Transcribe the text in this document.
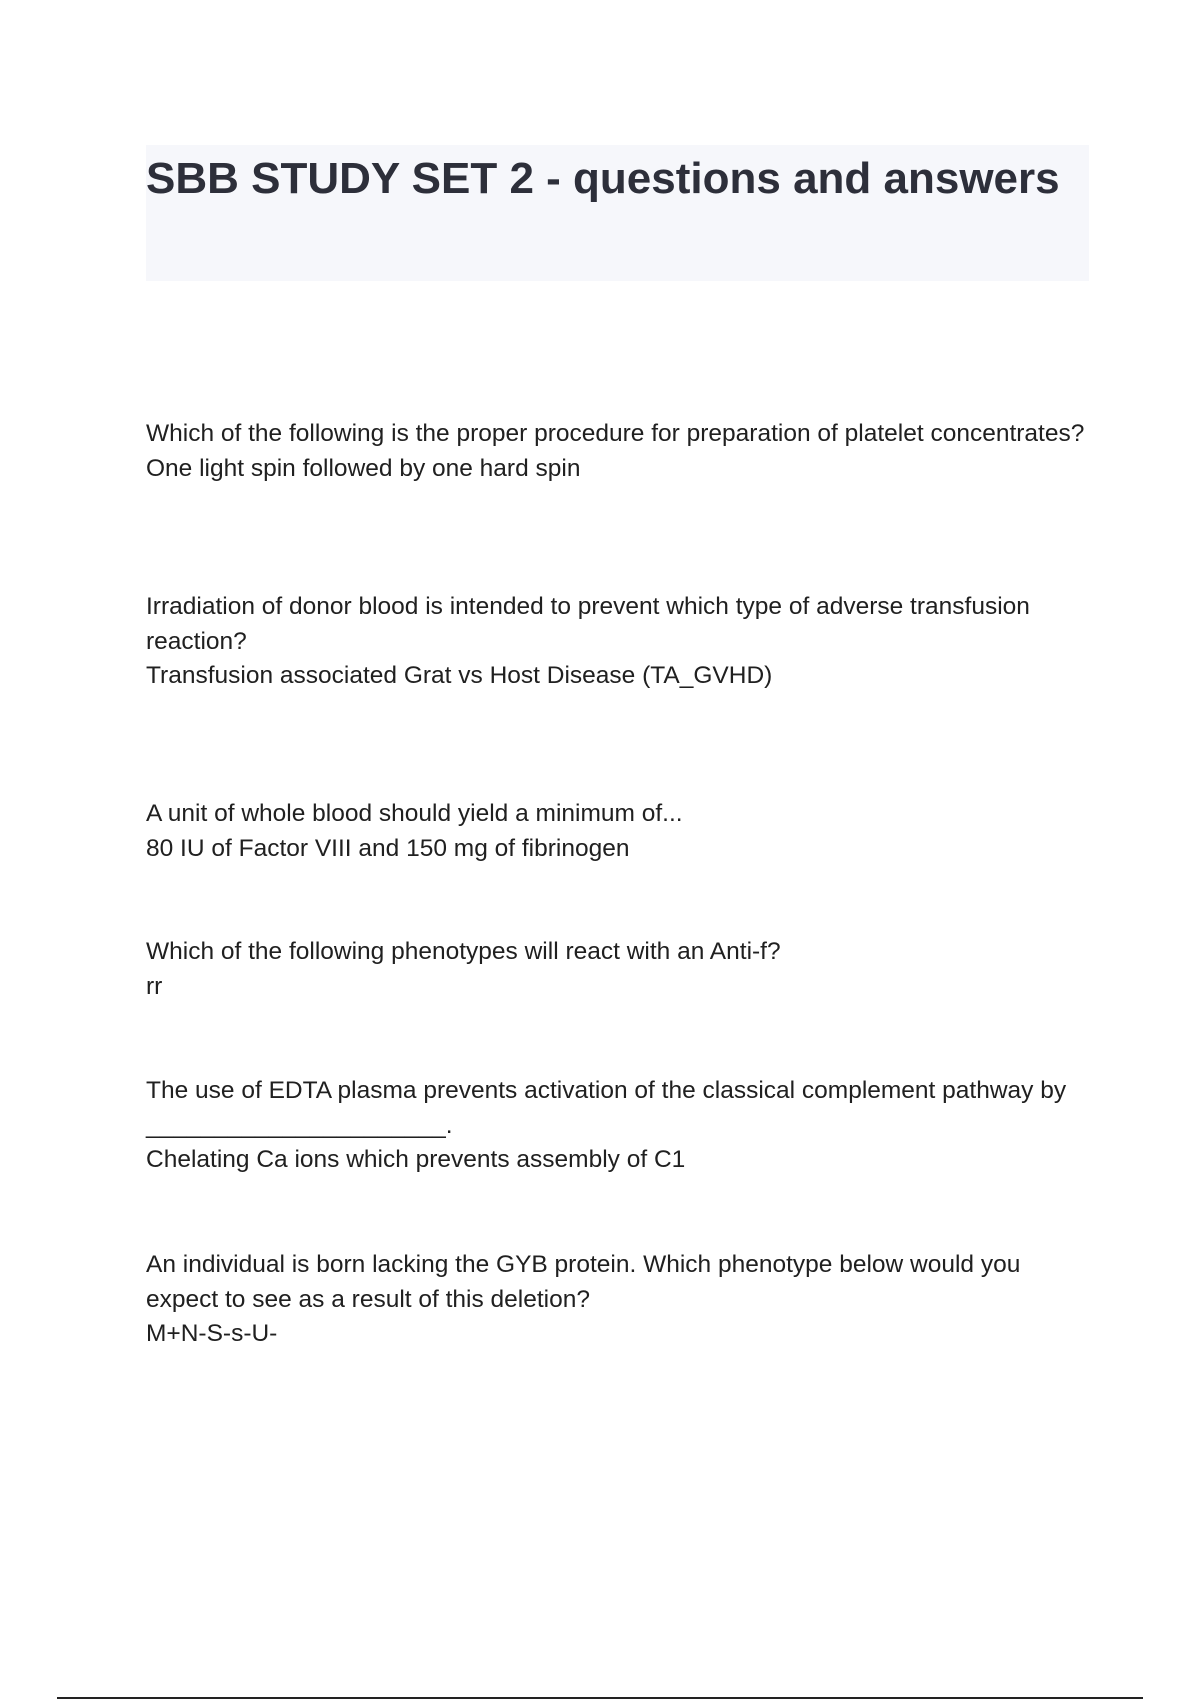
SBB STUDY SET 2 - questions and answers

Which of the following is the proper procedure for preparation of platelet concentrates?

One light spin followed by one hard spin

Irradiation of donor blood is intended to prevent which type of adverse transfusion reaction?

Transfusion associated Grat vs Host Disease (TA_GVHD)

A unit of whole blood should yield a minimum of...

80 IU of Factor VIII and 150 mg of fibrinogen

Which of the following phenotypes will react with an Anti-f?

rr

The use of EDTA plasma prevents activation of the classical complement pathway by ______________________.

Chelating Ca ions which prevents assembly of C1

An individual is born lacking the GYB protein. Which phenotype below would you expect to see as a result of this deletion?

M+N-S-s-U-
